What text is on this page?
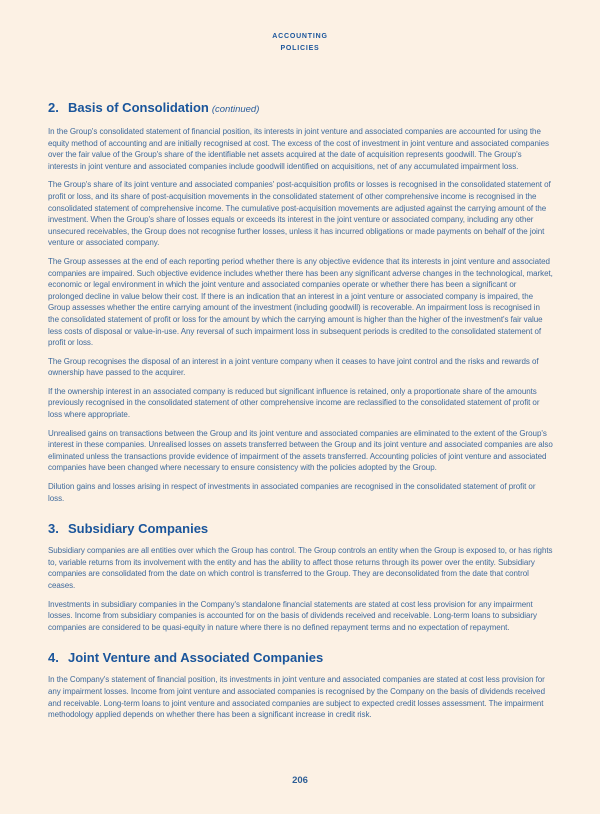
ACCOUNTING
POLICIES
2. Basis of Consolidation (continued)

In the Group's consolidated statement of financial position, its interests in joint venture and associated companies are accounted for using the equity method of accounting and are initially recognised at cost. The excess of the cost of investment in joint venture and associated companies over the fair value of the Group's share of the identifiable net assets acquired at the date of acquisition represents goodwill. The Group's interests in joint venture and associated companies include goodwill identified on acquisitions, net of any accumulated impairment loss.

The Group's share of its joint venture and associated companies' post-acquisition profits or losses is recognised in the consolidated statement of profit or loss, and its share of post-acquisition movements in the consolidated statement of other comprehensive income is recognised in the consolidated statement of comprehensive income. The cumulative post-acquisition movements are adjusted against the carrying amount of the investment. When the Group's share of losses equals or exceeds its interest in the joint venture or associated company, including any other unsecured receivables, the Group does not recognise further losses, unless it has incurred obligations or made payments on behalf of the joint venture or associated company.

The Group assesses at the end of each reporting period whether there is any objective evidence that its interests in joint venture and associated companies are impaired. Such objective evidence includes whether there has been any significant adverse changes in the technological, market, economic or legal environment in which the joint venture and associated companies operate or whether there has been a significant or prolonged decline in value below their cost. If there is an indication that an interest in a joint venture or associated company is impaired, the Group assesses whether the entire carrying amount of the investment (including goodwill) is recoverable. An impairment loss is recognised in the consolidated statement of profit or loss for the amount by which the carrying amount is higher than the higher of the investment's fair value less costs of disposal or value-in-use. Any reversal of such impairment loss in subsequent periods is credited to the consolidated statement of profit or loss.

The Group recognises the disposal of an interest in a joint venture company when it ceases to have joint control and the risks and rewards of ownership have passed to the acquirer.

If the ownership interest in an associated company is reduced but significant influence is retained, only a proportionate share of the amounts previously recognised in the consolidated statement of other comprehensive income are reclassified to the consolidated statement of profit or loss where appropriate.

Unrealised gains on transactions between the Group and its joint venture and associated companies are eliminated to the extent of the Group's interest in these companies. Unrealised losses on assets transferred between the Group and its joint venture and associated companies are also eliminated unless the transactions provide evidence of impairment of the assets transferred. Accounting policies of joint venture and associated companies have been changed where necessary to ensure consistency with the policies adopted by the Group.

Dilution gains and losses arising in respect of investments in associated companies are recognised in the consolidated statement of profit or loss.

3. Subsidiary Companies

Subsidiary companies are all entities over which the Group has control. The Group controls an entity when the Group is exposed to, or has rights to, variable returns from its involvement with the entity and has the ability to affect those returns through its power over the entity. Subsidiary companies are consolidated from the date on which control is transferred to the Group. They are deconsolidated from the date that control ceases.

Investments in subsidiary companies in the Company's standalone financial statements are stated at cost less provision for any impairment losses. Income from subsidiary companies is accounted for on the basis of dividends received and receivable. Long-term loans to subsidiary companies are considered to be quasi-equity in nature where there is no defined repayment terms and no expectation of repayment.

4. Joint Venture and Associated Companies

In the Company's statement of financial position, its investments in joint venture and associated companies are stated at cost less provision for any impairment losses. Income from joint venture and associated companies is recognised by the Company on the basis of dividends received and receivable. Long-term loans to joint venture and associated companies are subject to expected credit losses assessment. The impairment methodology applied depends on whether there has been a significant increase in credit risk.

206
